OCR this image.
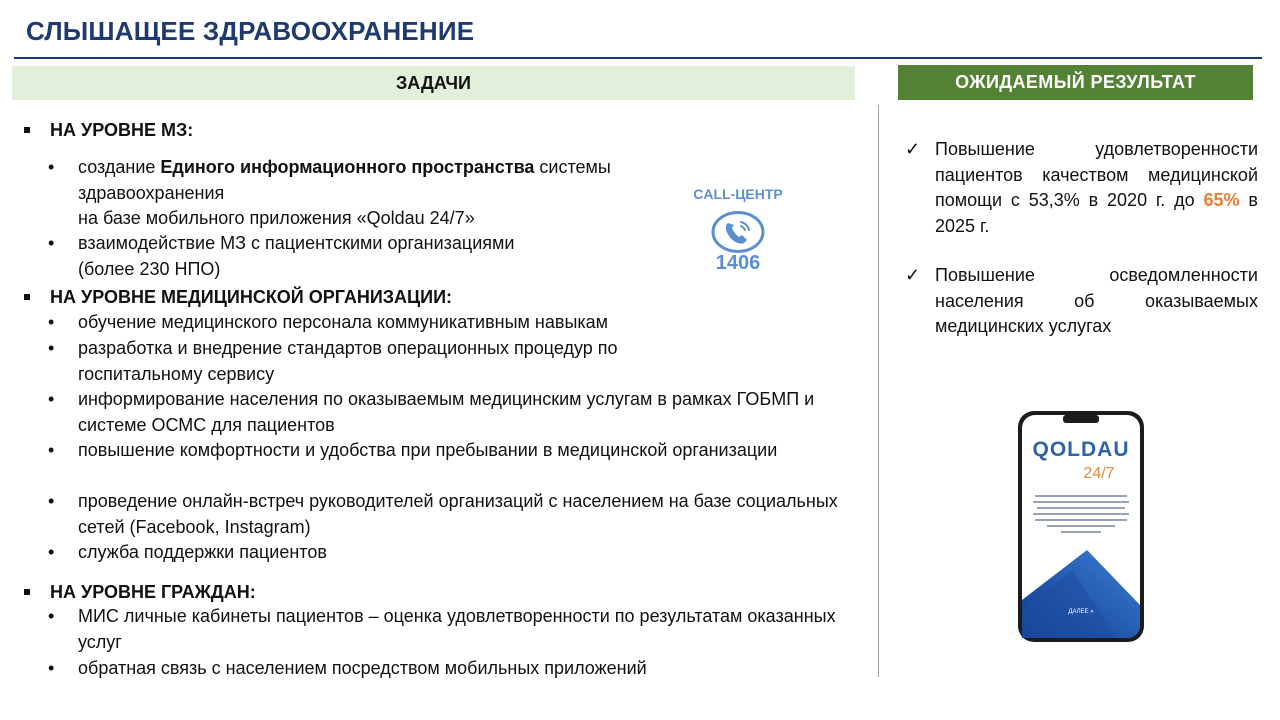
СЛЫШАЩЕЕ ЗДРАВООХРАНЕНИЕ
ЗАДАЧИ	ОЖИДАЕМЫЙ РЕЗУЛЬТАТ
НА УРОВНЕ МЗ:
• создание Единого информационного пространства системы здравоохранения
на базе мобильного приложения «Qoldau 24/7»
• взаимодействие МЗ с пациентскими организациями
(более 230 НПО)
НА УРОВНЕ МЕДИЦИНСКОЙ ОРГАНИЗАЦИИ:
• обучение медицинского персонала коммуникативным навыкам
• разработка и внедрение стандартов операционных процедур по госпитальному сервису
• информирование населения по оказываемым медицинским услугам в рамках ГОБМП и системе ОСМС для пациентов
• повышение комфортности и удобства при пребывании в медицинской организации
• проведение онлайн-встреч руководителей организаций с населением на базе социальных сетей (Facebook, Instagram)
• служба поддержки пациентов
НА УРОВНЕ ГРАЖДАН:
• МИС личные кабинеты пациентов – оценка удовлетворенности по результатам оказанных услуг
• обратная связь с населением посредством мобильных приложений
CALL-ЦЕНТР
1406
✓ Повышение удовлетворенности пациентов качеством медицинской помощи с 53,3% в 2020 г. до 65% в 2025 г.
✓ Повышение осведомленности населения об оказываемых медицинских услугах
QOLDAU
24/7
ДАЛЕЕ »
